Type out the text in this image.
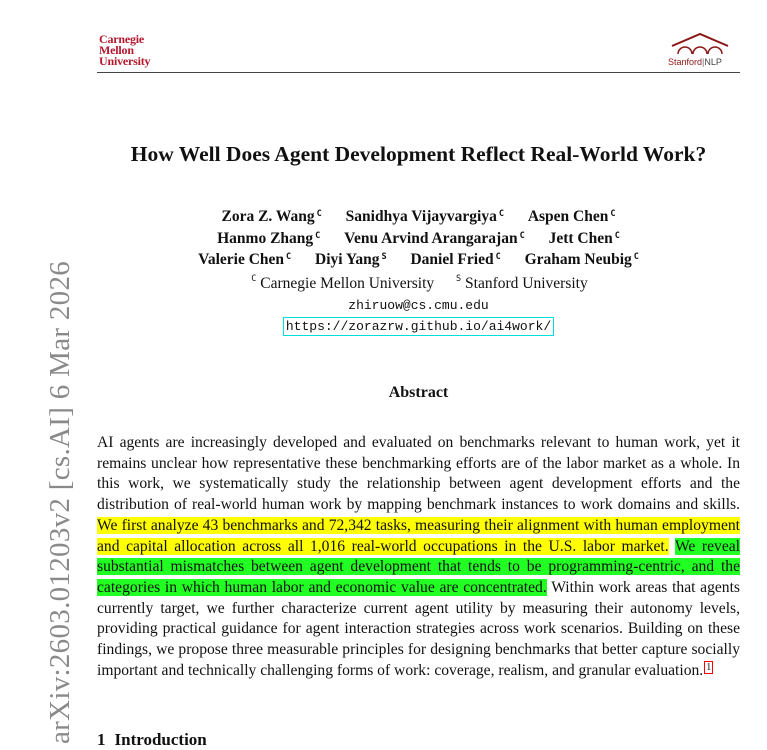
Carnegie
Mellon
University	Stanford|NLP
arXiv:2603.01203v2 [cs.AI] 6 Mar 2026
How Well Does Agent Development Reflect Real-World Work?
Zora Z. Wang $^C$ Sanidhya Vijayvargiya $^C$ Aspen Chen $^C$
Hanmo Zhang $^C$ Venu Arvind Arangarajan $^C$ Jett Chen $^C$
Valerie Chen $^C$ Diyi Yang $^S$ Daniel Fried $^C$ Graham Neubig $^C$
$^C$ Carnegie Mellon University	$^S$ Stanford University
zhiruow@cs.cmu.edu
https://zorazrw.github.io/ai4work/
Abstract
AI agents are increasingly developed and evaluated on benchmarks relevant to human work, yet it remains unclear how representative these benchmarking efforts are of the labor market as a whole. In this work, we systematically study the relationship between agent development efforts and the distribution of real-world human work by mapping benchmark instances to work domains and skills. We first analyze 43 benchmarks and 72,342 tasks, measuring their alignment with human employment and capital allocation across all 1,016 real-world occupations in the U.S. labor market. We reveal substantial mismatches between agent development that tends to be programming-centric, and the categories in which human labor and economic value are concentrated. Within work areas that agents currently target, we further characterize current agent utility by measuring their autonomy levels, providing practical guidance for agent interaction strategies across work scenarios. Building on these findings, we propose three measurable principles for designing benchmarks that better capture socially important and technically challenging forms of work: coverage, realism, and granular evaluation. 1
1 Introduction
